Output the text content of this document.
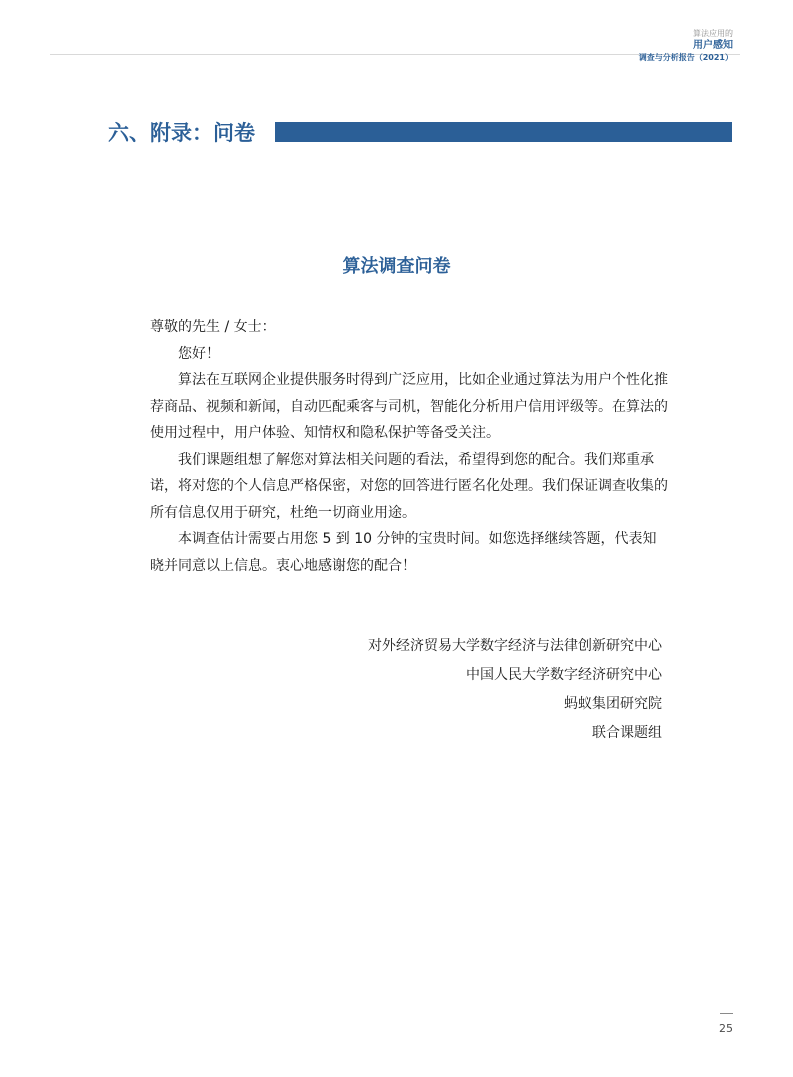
算法应用的
用户感知
调查与分析报告（2021）
六、附录：问卷
算法调查问卷

尊敬的先生 / 女士：

您好！

算法在互联网企业提供服务时得到广泛应用，比如企业通过算法为用户个性化推荐商品、视频和新闻，自动匹配乘客与司机，智能化分析用户信用评级等。在算法的使用过程中，用户体验、知情权和隐私保护等备受关注。

我们课题组想了解您对算法相关问题的看法，希望得到您的配合。我们郑重承诺，将对您的个人信息严格保密，对您的回答进行匿名化处理。我们保证调查收集的所有信息仅用于研究，杜绝一切商业用途。

本调查估计需要占用您 5 到 10 分钟的宝贵时间。如您选择继续答题，代表知晓并同意以上信息。衷心地感谢您的配合！

对外经济贸易大学数字经济与法律创新研究中心
中国人民大学数字经济研究中心
蚂蚁集团研究院
联合课题组
25
